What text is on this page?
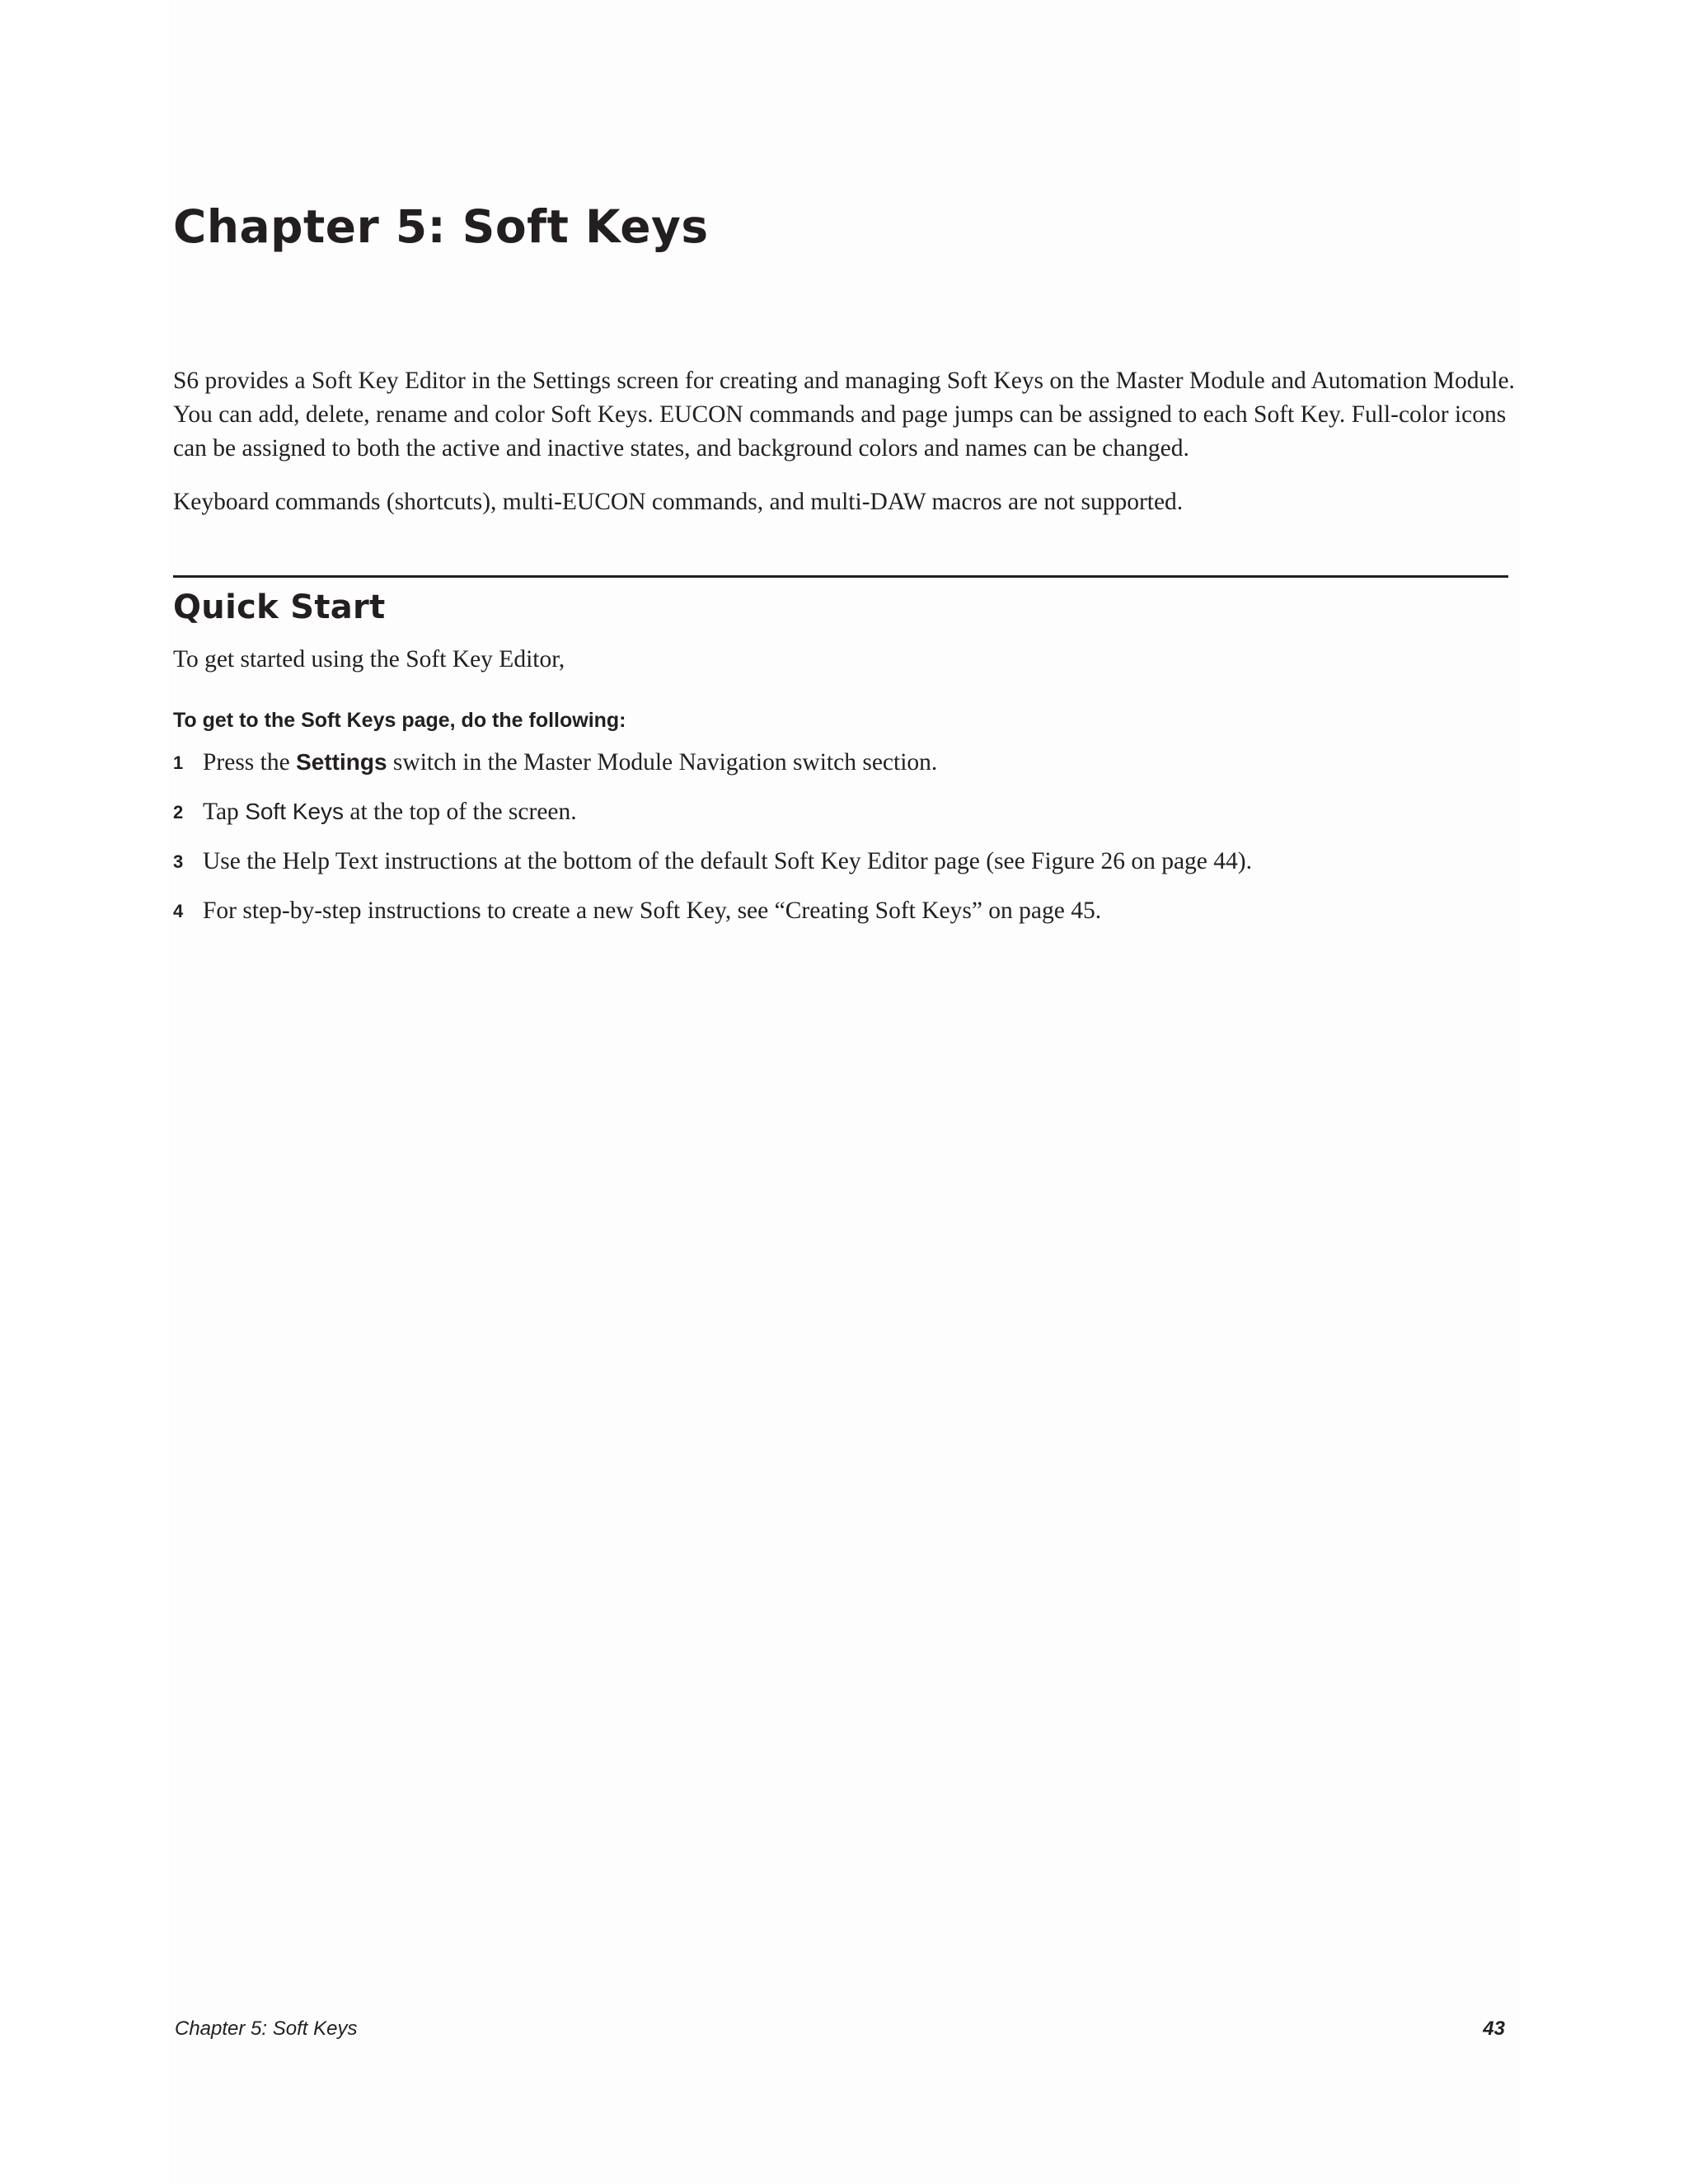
Chapter 5: Soft Keys

S6 provides a Soft Key Editor in the Settings screen for creating and managing Soft Keys on the Master Module and Automation Module. You can add, delete, rename and color Soft Keys. EUCON commands and page jumps can be assigned to each Soft Key. Full-color icons can be assigned to both the active and inactive states, and background colors and names can be changed.

Keyboard commands (shortcuts), multi-EUCON commands, and multi-DAW macros are not supported.

Quick Start

To get started using the Soft Key Editor,

To get to the Soft Keys page, do the following:

1 Press the Settings switch in the Master Module Navigation switch section.
2 Tap Soft Keys at the top of the screen.
3 Use the Help Text instructions at the bottom of the default Soft Key Editor page (see Figure 26 on page 44).
4 For step-by-step instructions to create a new Soft Key, see “Creating Soft Keys” on page 45.

Chapter 5: Soft Keys	43
